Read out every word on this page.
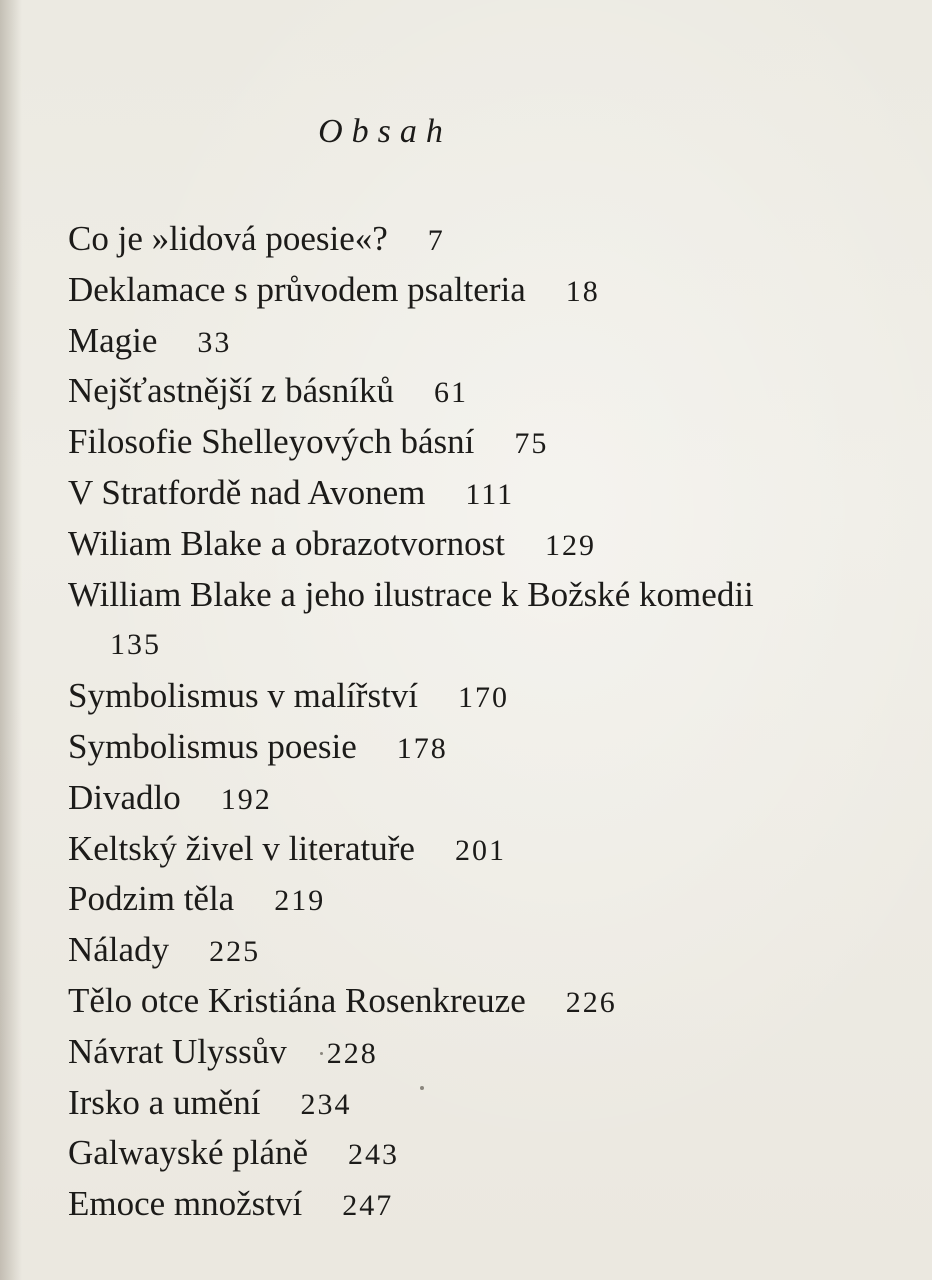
Obsah
Co je »lidová poesie«? 7
Deklamace s průvodem psalteria 18
Magie 33
Nejšťastnější z básníků 61
Filosofie Shelleyových básní 75
V Stratfordě nad Avonem 111
Wiliam Blake a obrazotvornost 129
William Blake a jeho ilustrace k Božské komedii
135
Symbolismus v malířství 170
Symbolismus poesie 178
Divadlo 192
Keltský živel v literatuře 201
Podzim těla 219
Nálady 225
Tělo otce Kristiána Rosenkreuze 226
Návrat Ulyssův 228
Irsko a umění 234
Galwayské pláně 243
Emoce množství 247
